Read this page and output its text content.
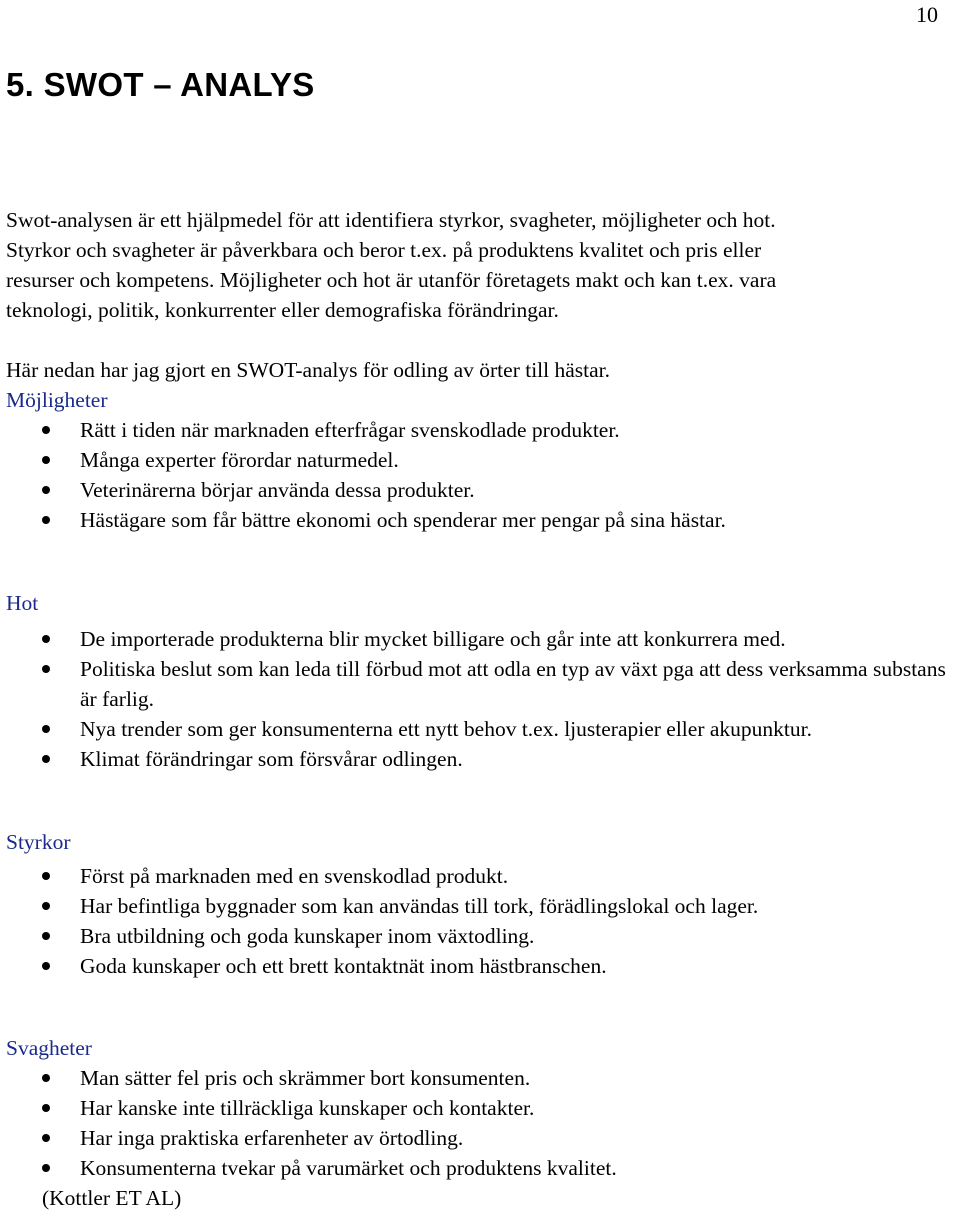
10
5. SWOT – ANALYS

Swot-analysen är ett hjälpmedel för att identifiera styrkor, svagheter, möjligheter och hot.

Styrkor och svagheter är påverkbara och beror t.ex. på produktens kvalitet och pris eller

resurser och kompetens. Möjligheter och hot är utanför företagets makt och kan t.ex. vara

teknologi, politik, konkurrenter eller demografiska förändringar.

Här nedan har jag gjort en SWOT-analys för odling av örter till hästar.

Möjligheter
Rätt i tiden när marknaden efterfrågar svenskodlade produkter.
Många experter förordar naturmedel.
Veterinärerna börjar använda dessa produkter.
Hästägare som får bättre ekonomi och spenderar mer pengar på sina hästar.
Hot
De importerade produkterna blir mycket billigare och går inte att konkurrera med.
Politiska beslut som kan leda till förbud mot att odla en typ av växt pga att dess verksamma substans är farlig.
Nya trender som ger konsumenterna ett nytt behov t.ex. ljusterapier eller akupunktur.
Klimat förändringar som försvårar odlingen.
Styrkor
Först på marknaden med en svenskodlad produkt.
Har befintliga byggnader som kan användas till tork, förädlingslokal och lager.
Bra utbildning och goda kunskaper inom växtodling.
Goda kunskaper och ett brett kontaktnät inom hästbranschen.
Svagheter
Man sätter fel pris och skrämmer bort konsumenten.
Har kanske inte tillräckliga kunskaper och kontakter.
Har inga praktiska erfarenheter av örtodling.
Konsumenterna tvekar på varumärket och produktens kvalitet.

(Kottler ET AL)
